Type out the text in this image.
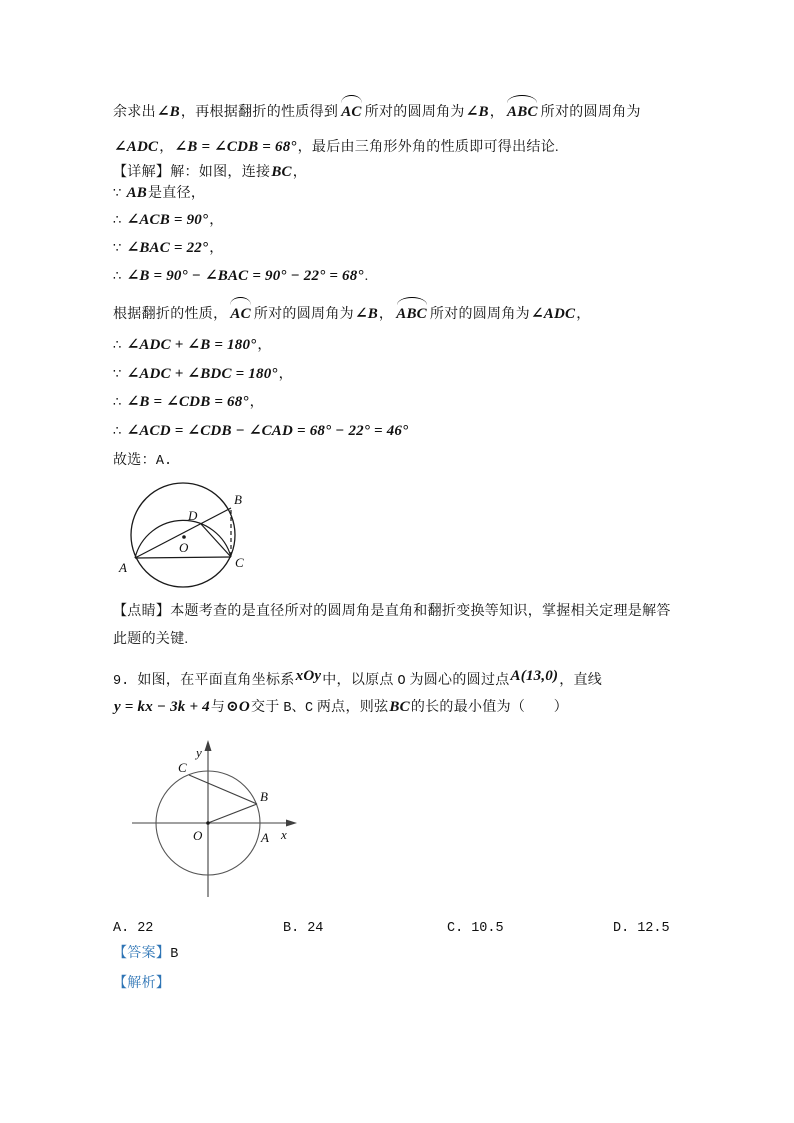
余求出∠B，再根据翻折的性质得到 AC 所对的圆周角为∠B， ABC 所对的圆周角为
∠ADC，∠B = ∠CDB = 68°，最后由三角形外角的性质即可得出结论.
【详解】解：如图，连接BC，
∵ AB是直径，
∴ ∠ACB = 90°，
∵ ∠BAC = 22°，
∴ ∠B = 90° − ∠BAC = 90° − 22° = 68°.
根据翻折的性质， AC 所对的圆周角为∠B， ABC 所对的圆周角为∠ADC，
∴ ∠ADC + ∠B = 180°，
∵ ∠ADC + ∠BDC = 180°，
∴ ∠B = ∠CDB = 68°，
∴ ∠ACD = ∠CDB − ∠CAD = 68° − 22° = 46°
故选：A.
A
B
C
D
O
【点睛】本题考查的是直径所对的圆周角是直角和翻折变换等知识，掌握相关定理是解答
此题的关键.
9. 如图，在平面直角坐标系xOy中，以原点 O 为圆心的圆过点A(13,0)，直线
y = kx − 3k + 4与⊙O交于 B、C 两点，则弦BC的长的最小值为（　　）
y
x
O
C
B
A
A. 22	B. 24	C. 10.5	D. 12.5
【答案】B
【解析】
